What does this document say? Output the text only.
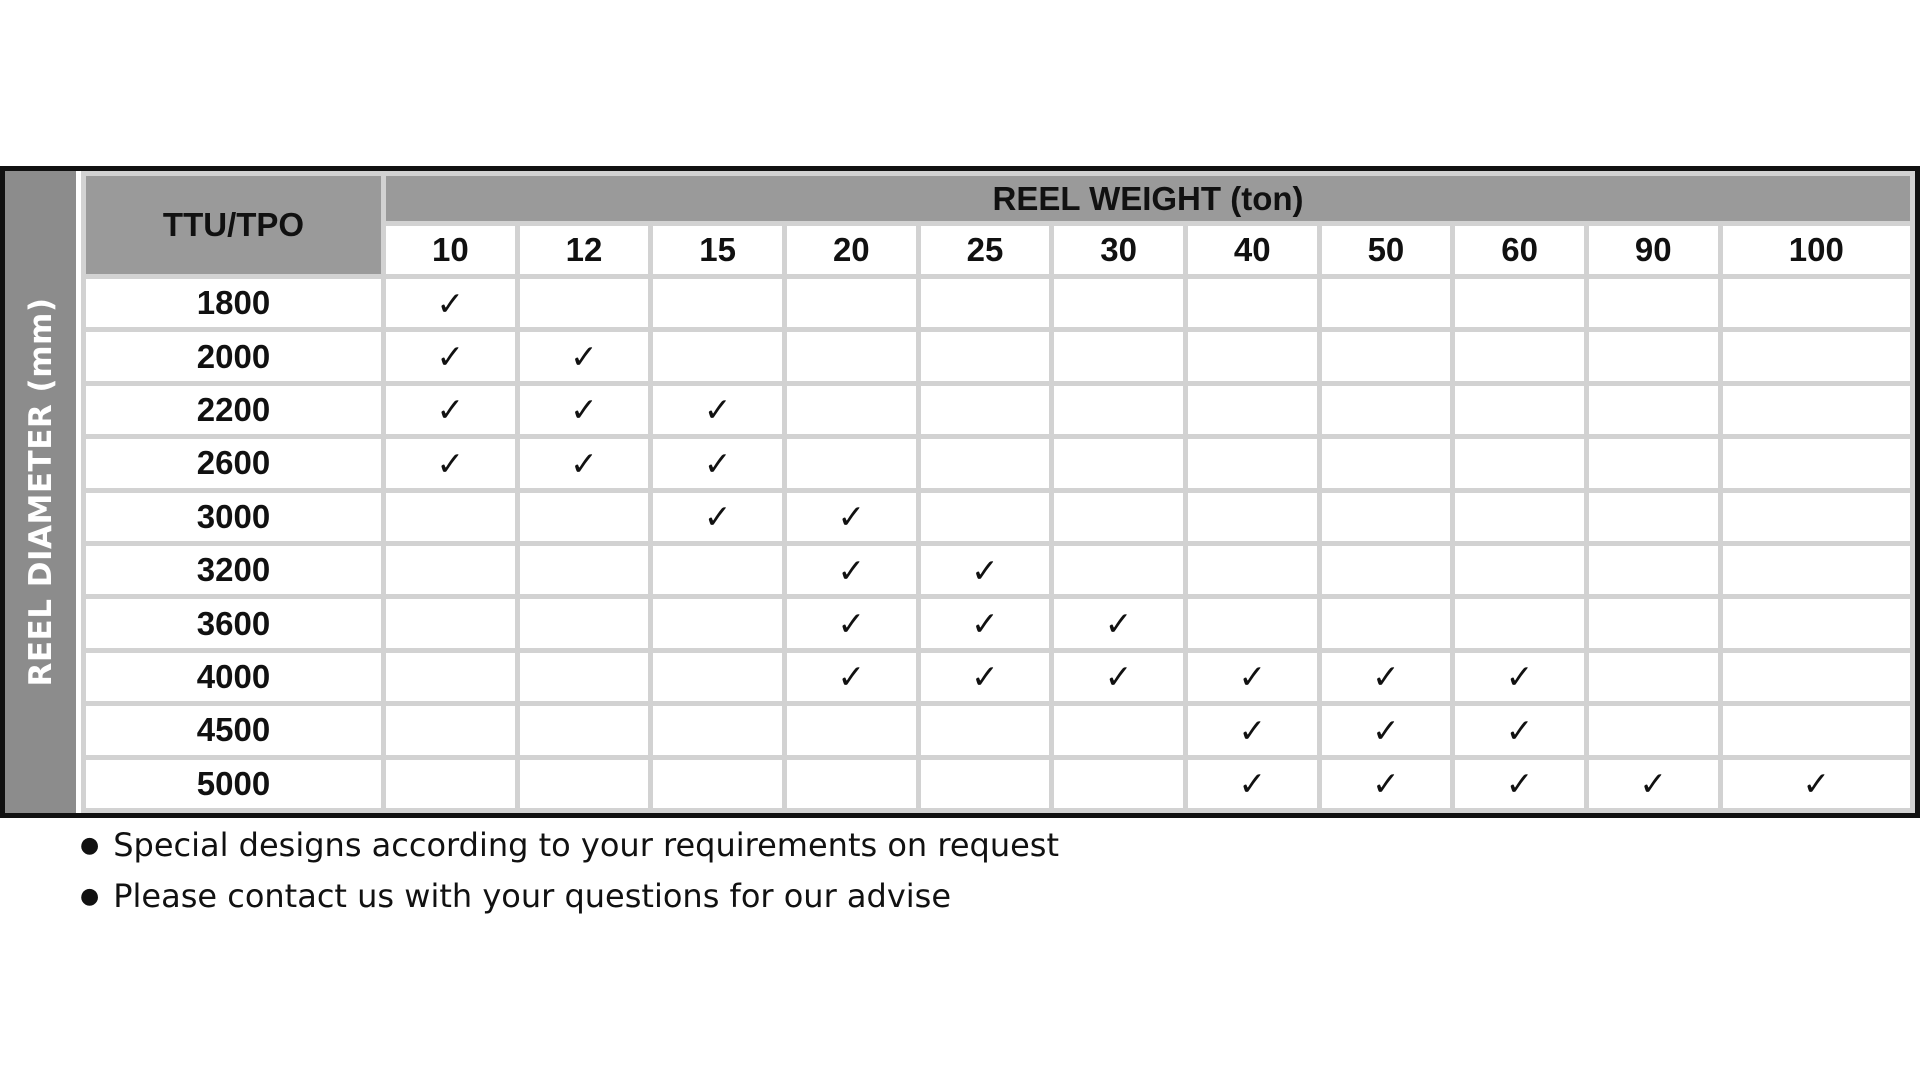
REEL DIAMETER (mm)
TTU/TPO	REEL WEIGHT (ton)										
	10	12	15	20	25	30	40	50	60	90	100
1800	✓										
2000	✓	✓									
2200	✓	✓	✓								
2600	✓	✓	✓								
3000			✓	✓							
3200				✓	✓						
3600				✓	✓	✓					
4000				✓	✓	✓	✓	✓	✓		
4500							✓	✓	✓		
5000							✓	✓	✓	✓	✓
● Special designs according to your requirements on request
● Please contact us with your questions for our advise
